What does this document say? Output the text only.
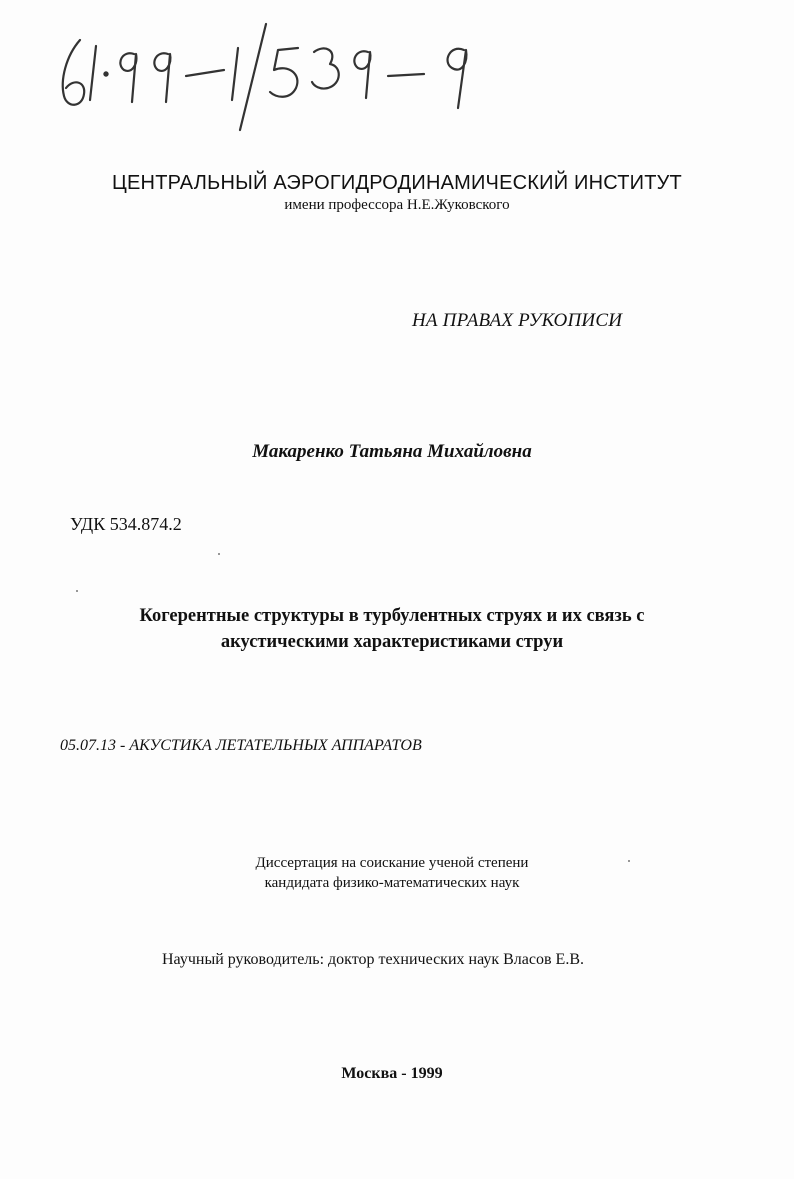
ЦЕНТРАЛЬНЫЙ АЭРОГИДРОДИНАМИЧЕСКИЙ ИНСТИТУТ
имени профессора Н.Е.Жуковского
НА ПРАВАХ РУКОПИСИ
Макаренко Татьяна Михайловна
УДК 534.874.2
Когерентные структуры в турбулентных струях и их связь с
акустическими характеристиками струи
05.07.13 - АКУСТИКА ЛЕТАТЕЛЬНЫХ АППАРАТОВ
Диссертация на соискание ученой степени
кандидата физико-математических наук
Научный руководитель: доктор технических наук Власов Е.В.
Москва - 1999
